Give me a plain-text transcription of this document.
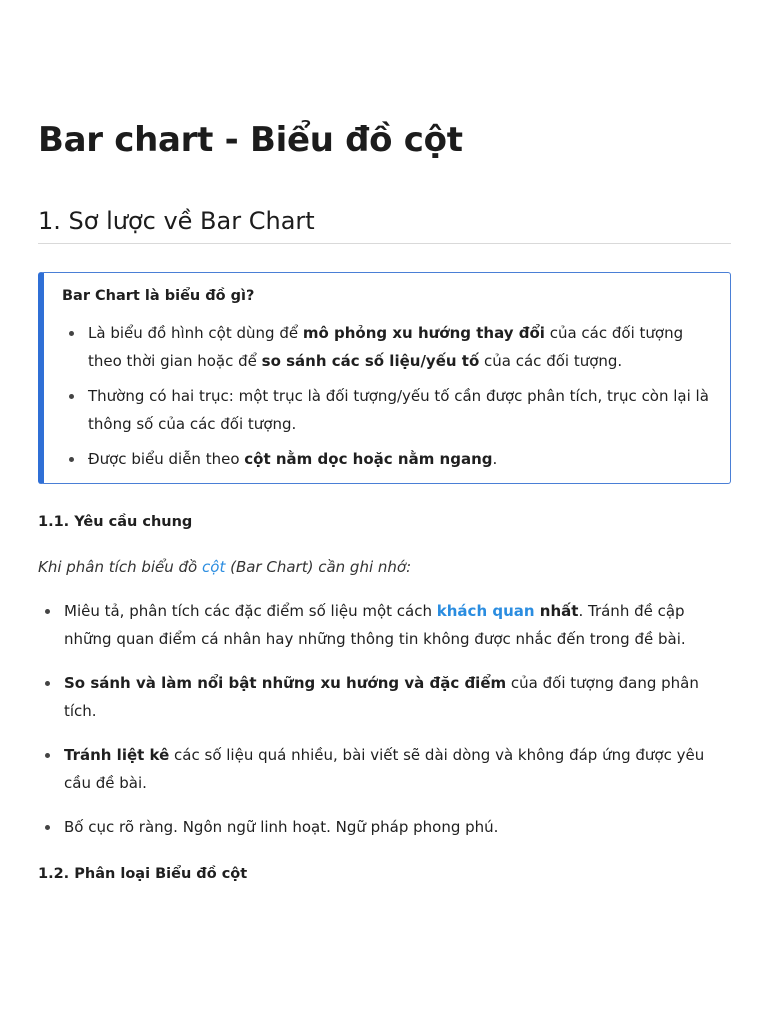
Bar chart - Biểu đồ cột
1. Sơ lược về Bar Chart
Bar Chart là biểu đồ gì?
Là biểu đồ hình cột dùng để mô phỏng xu hướng thay đổi của các đối tượng theo thời gian hoặc để so sánh các số liệu/yếu tố của các đối tượng.
Thường có hai trục: một trục là đối tượng/yếu tố cần được phân tích, trục còn lại là thông số của các đối tượng.
Được biểu diễn theo cột nằm dọc hoặc nằm ngang.
1.1. Yêu cầu chung

Khi phân tích biểu đồ cột (Bar Chart) cần ghi nhớ:

Miêu tả, phân tích các đặc điểm số liệu một cách khách quan nhất. Tránh đề cập những quan điểm cá nhân hay những thông tin không được nhắc đến trong đề bài.
So sánh và làm nổi bật những xu hướng và đặc điểm của đối tượng đang phân tích.
Tránh liệt kê các số liệu quá nhiều, bài viết sẽ dài dòng và không đáp ứng được yêu cầu đề bài.
Bố cục rõ ràng. Ngôn ngữ linh hoạt. Ngữ pháp phong phú.
1.2. Phân loại Biểu đồ cột
